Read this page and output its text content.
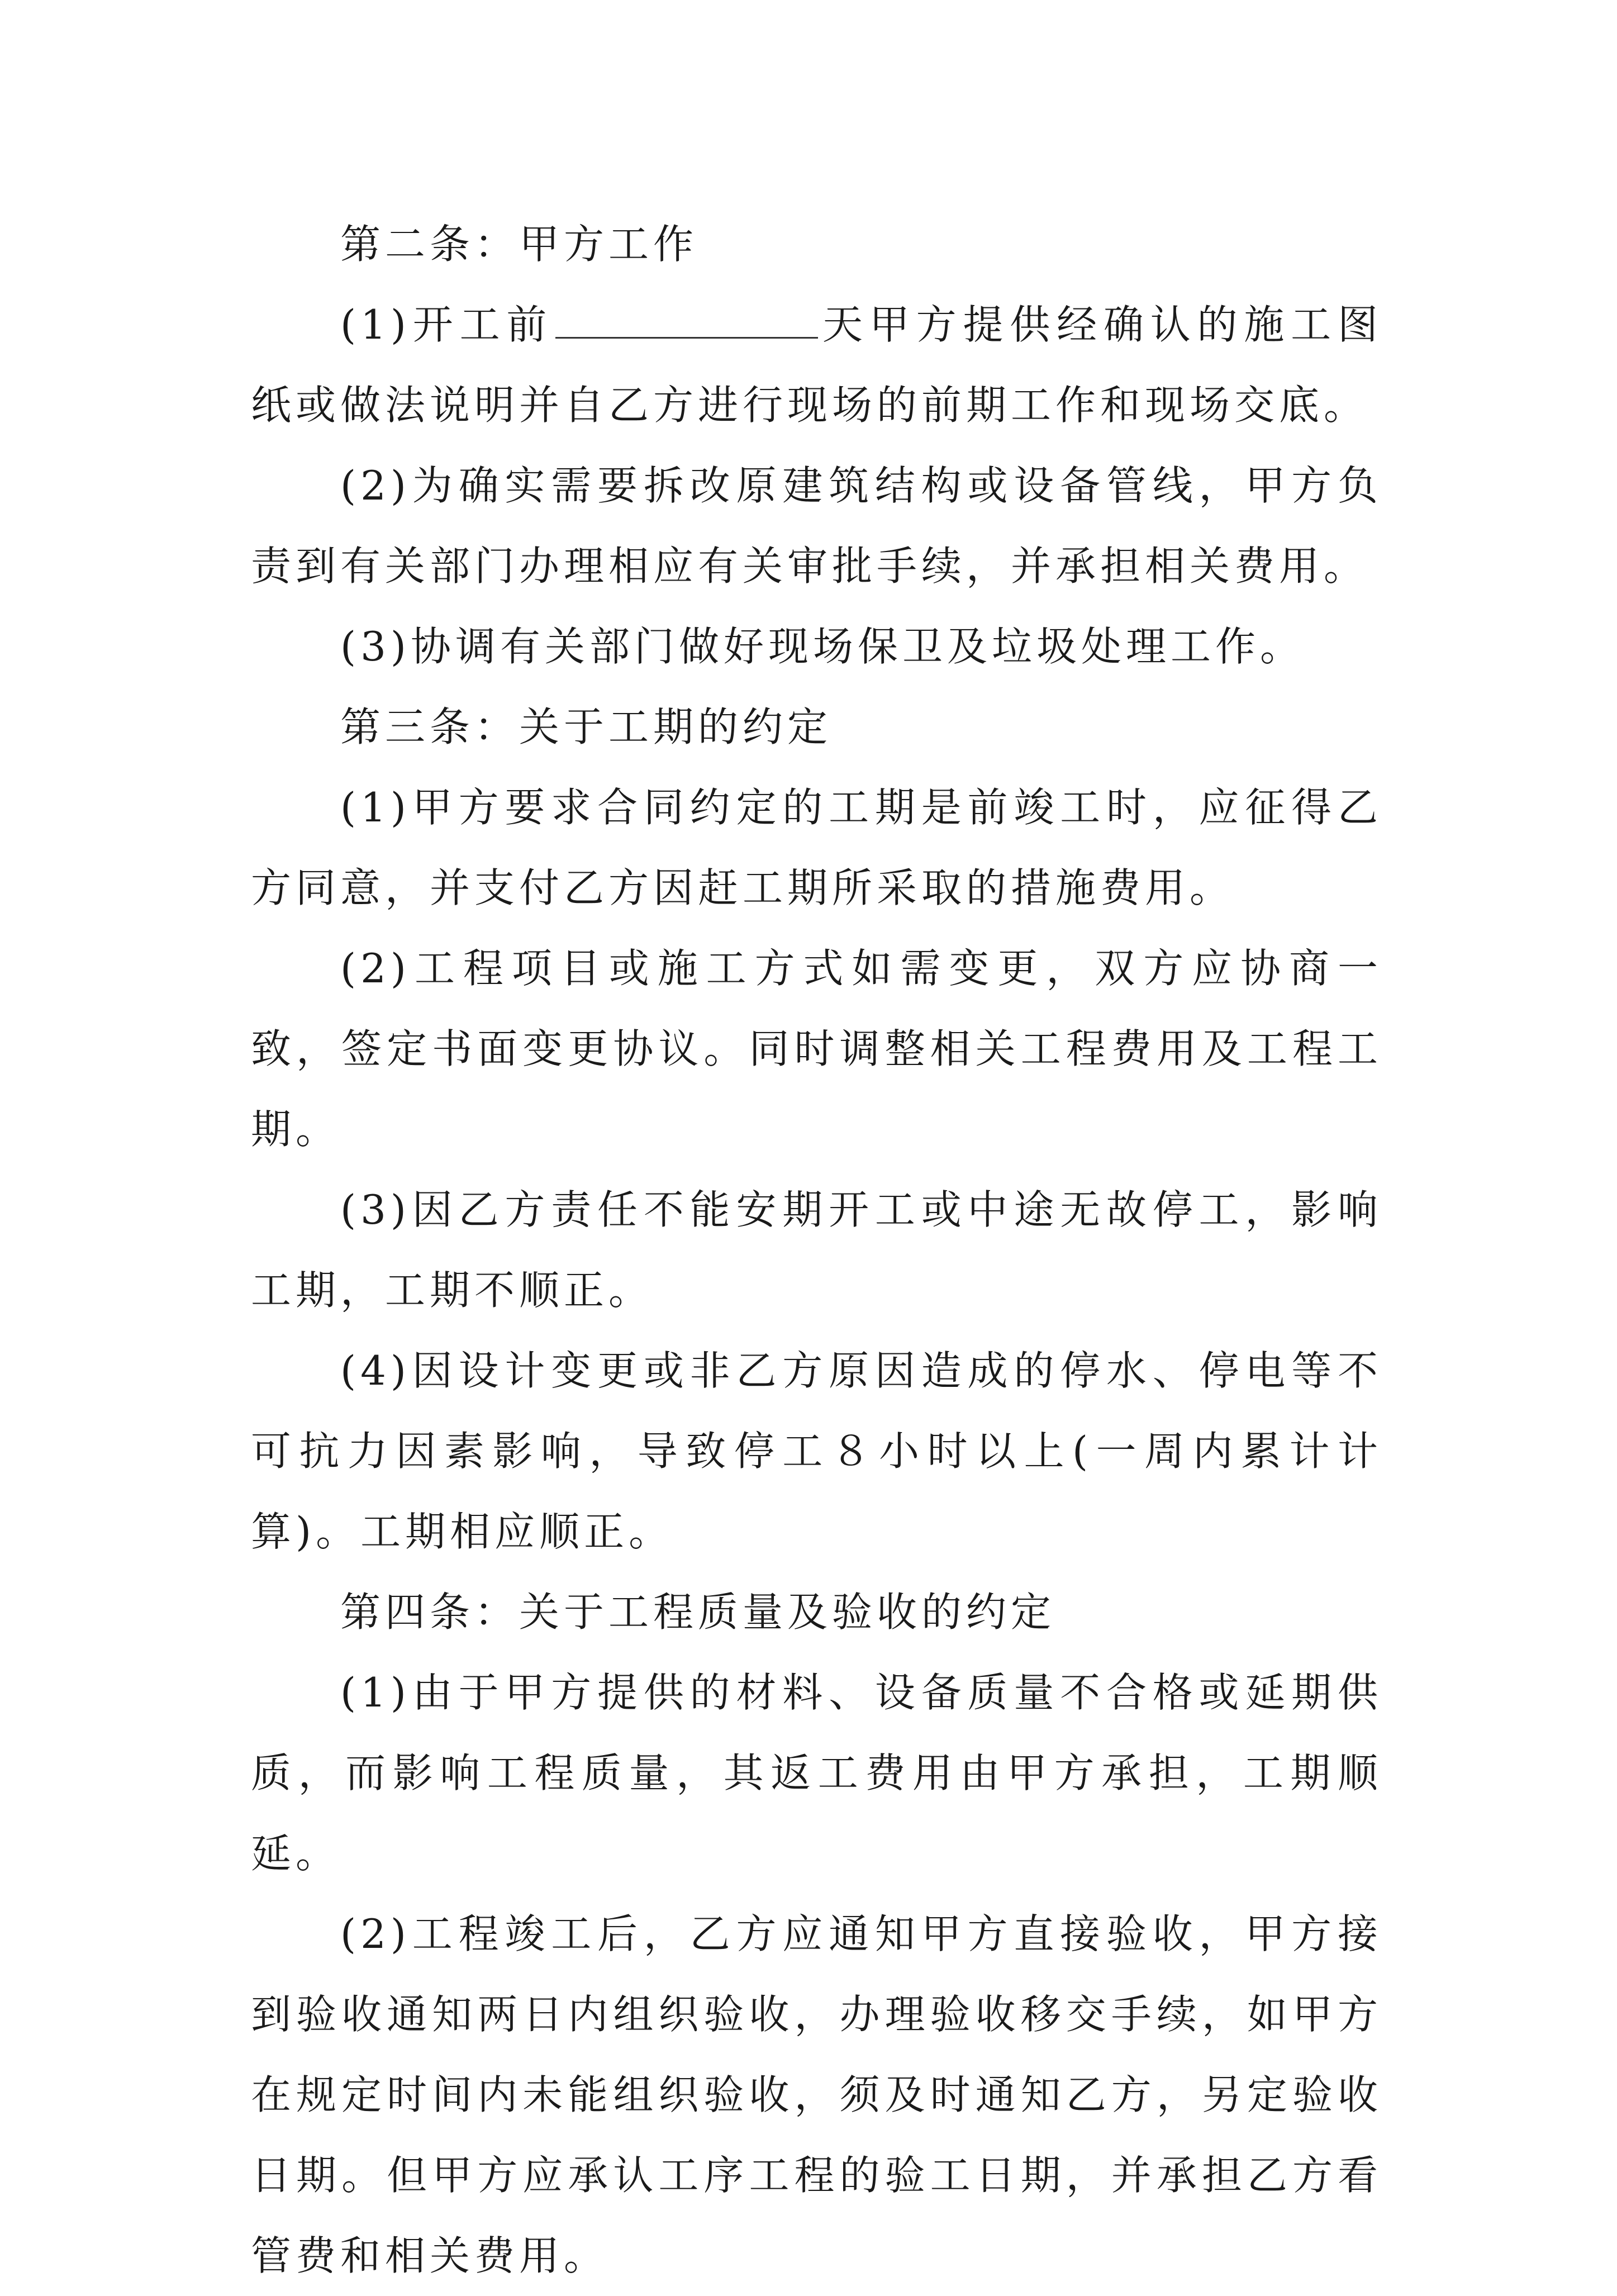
第二条：甲方工作

(1)开工前	天甲方提供经确认的施工图纸或做法说明并自乙方进行现场的前期工作和现场交底。

(2)为确实需要拆改原建筑结构或设备管线，甲方负责到有关部门办理相应有关审批手续，并承担相关费用。

(3)协调有关部门做好现场保卫及垃圾处理工作。

第三条：关于工期的约定

(1)甲方要求合同约定的工期是前竣工时，应征得乙方同意，并支付乙方因赶工期所采取的措施费用。

(2)工程项目或施工方式如需变更，双方应协商一致，签定书面变更协议。同时调整相关工程费用及工程工期。

(3)因乙方责任不能安期开工或中途无故停工，影响工期，工期不顺正。

(4)因设计变更或非乙方原因造成的停水、停电等不可抗力因素影响，导致停工８小时以上(一周内累计计算)。工期相应顺正。

第四条：关于工程质量及验收的约定

(1)由于甲方提供的材料、设备质量不合格或延期供质，而影响工程质量，其返工费用由甲方承担，工期顺延。

(2)工程竣工后，乙方应通知甲方直接验收，甲方接到验收通知两日内组织验收，办理验收移交手续，如甲方在规定时间内未能组织验收，须及时通知乙方，另定验收日期。但甲方应承认工序工程的验工日期，并承担乙方看管费和相关费用。
